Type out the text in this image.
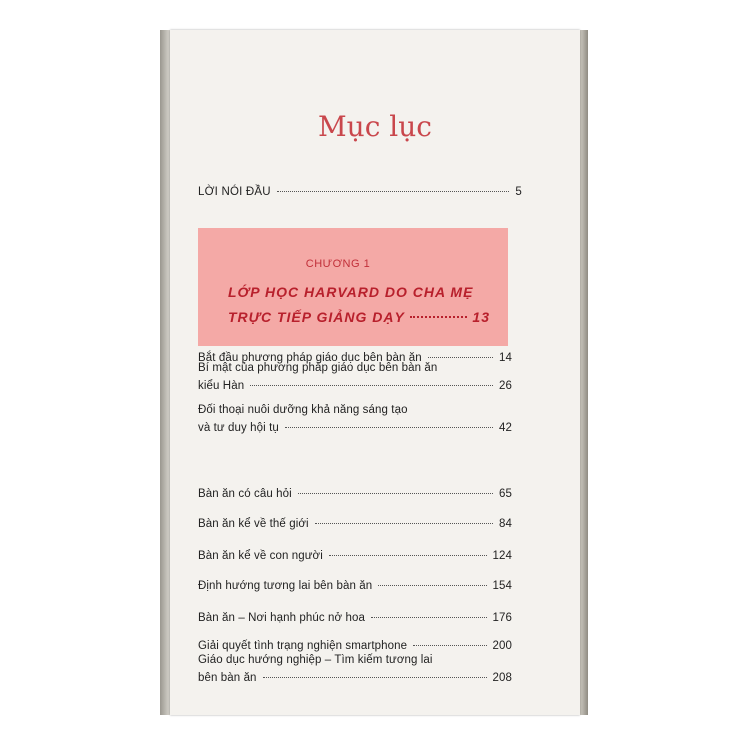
Mục lục
LỜI NÓI ĐẦU	5
CHƯƠNG 1
LỚP HỌC HARVARD DO CHA MẸ
TRỰC TIẾP GIẢNG DẠY	13
Bắt đầu phương pháp giáo dục bên bàn ăn	14
Bí mật của phương pháp giáo dục bên bàn ăn
kiểu Hàn	26
Đối thoại nuôi dưỡng khả năng sáng tạo
và tư duy hội tụ	42
Bàn ăn có câu hỏi	65
Bàn ăn kể về thế giới	84
Bàn ăn kể về con người	124
Định hướng tương lai bên bàn ăn	154
Bàn ăn – Nơi hạnh phúc nở hoa	176
Giải quyết tình trạng nghiện smartphone	200
Giáo dục hướng nghiệp – Tìm kiếm tương lai
bên bàn ăn	208
